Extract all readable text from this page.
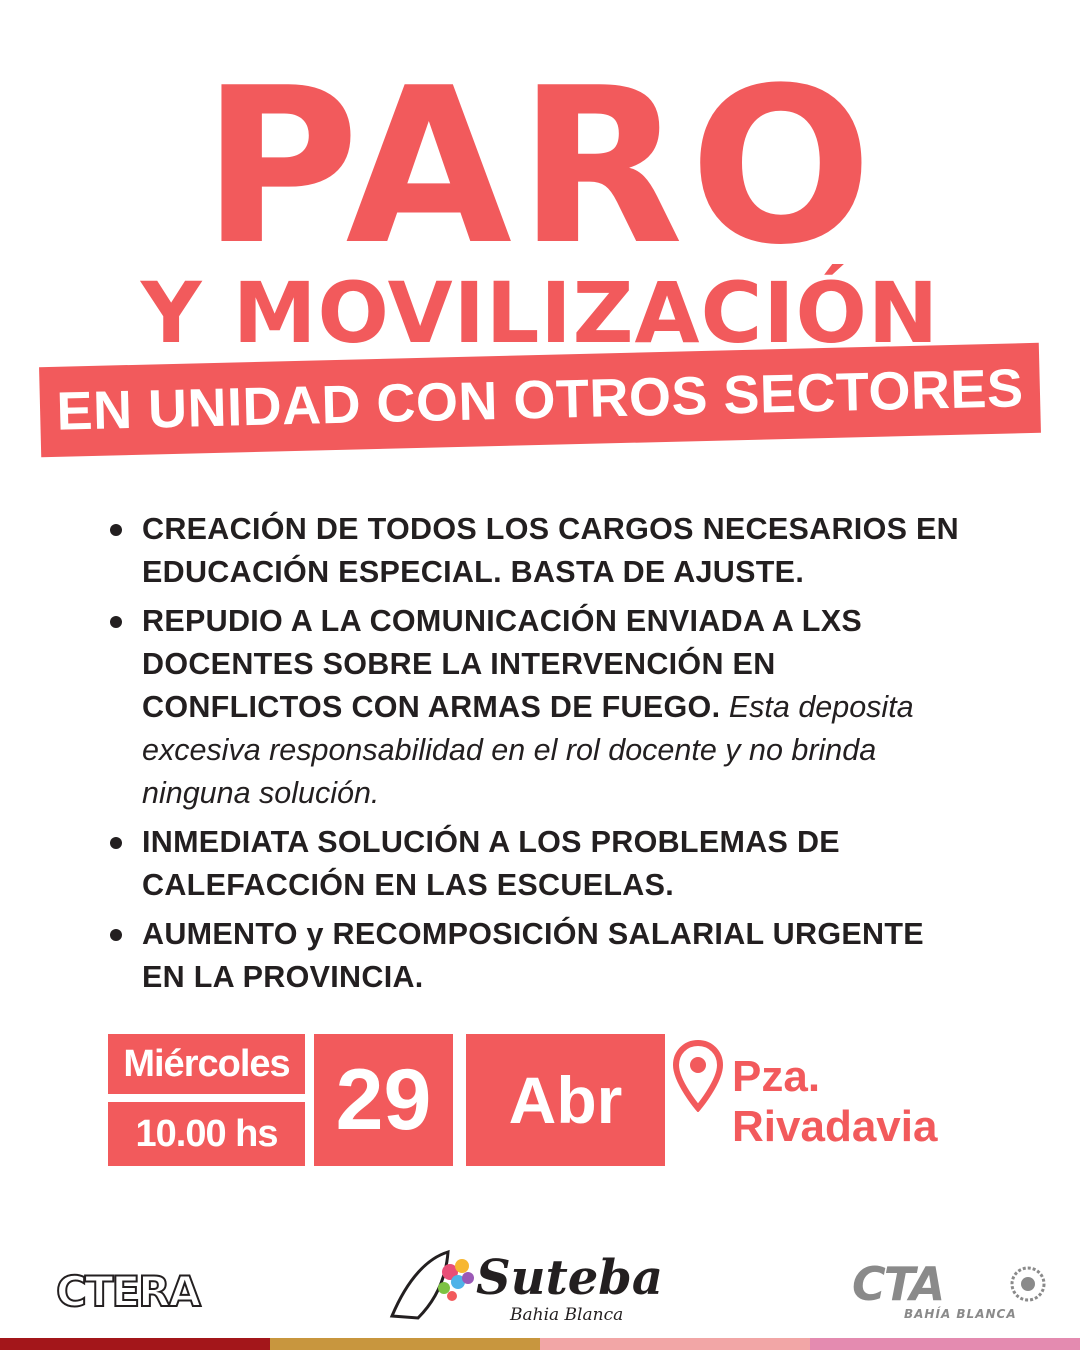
PARO
Y MOVILIZACIÓN
EN UNIDAD CON OTROS SECTORES
CREACIÓN DE TODOS LOS CARGOS NECESARIOS EN EDUCACIÓN ESPECIAL. BASTA DE AJUSTE.
REPUDIO A LA COMUNICACIÓN ENVIADA A LXS DOCENTES SOBRE LA INTERVENCIÓN EN CONFLICTOS CON ARMAS DE FUEGO. Esta deposita excesiva responsabilidad en el rol docente y no brinda ninguna solución.
INMEDIATA SOLUCIÓN A LOS PROBLEMAS DE CALEFACCIÓN EN LAS ESCUELAS.
AUMENTO y RECOMPOSICIÓN SALARIAL URGENTE EN LA PROVINCIA.
Miércoles
10.00 hs 29	Abr	Pza.
Rivadavia
CTERA	Suteba
Bahia Blanca
CTA
BAHÍA BLANCA
